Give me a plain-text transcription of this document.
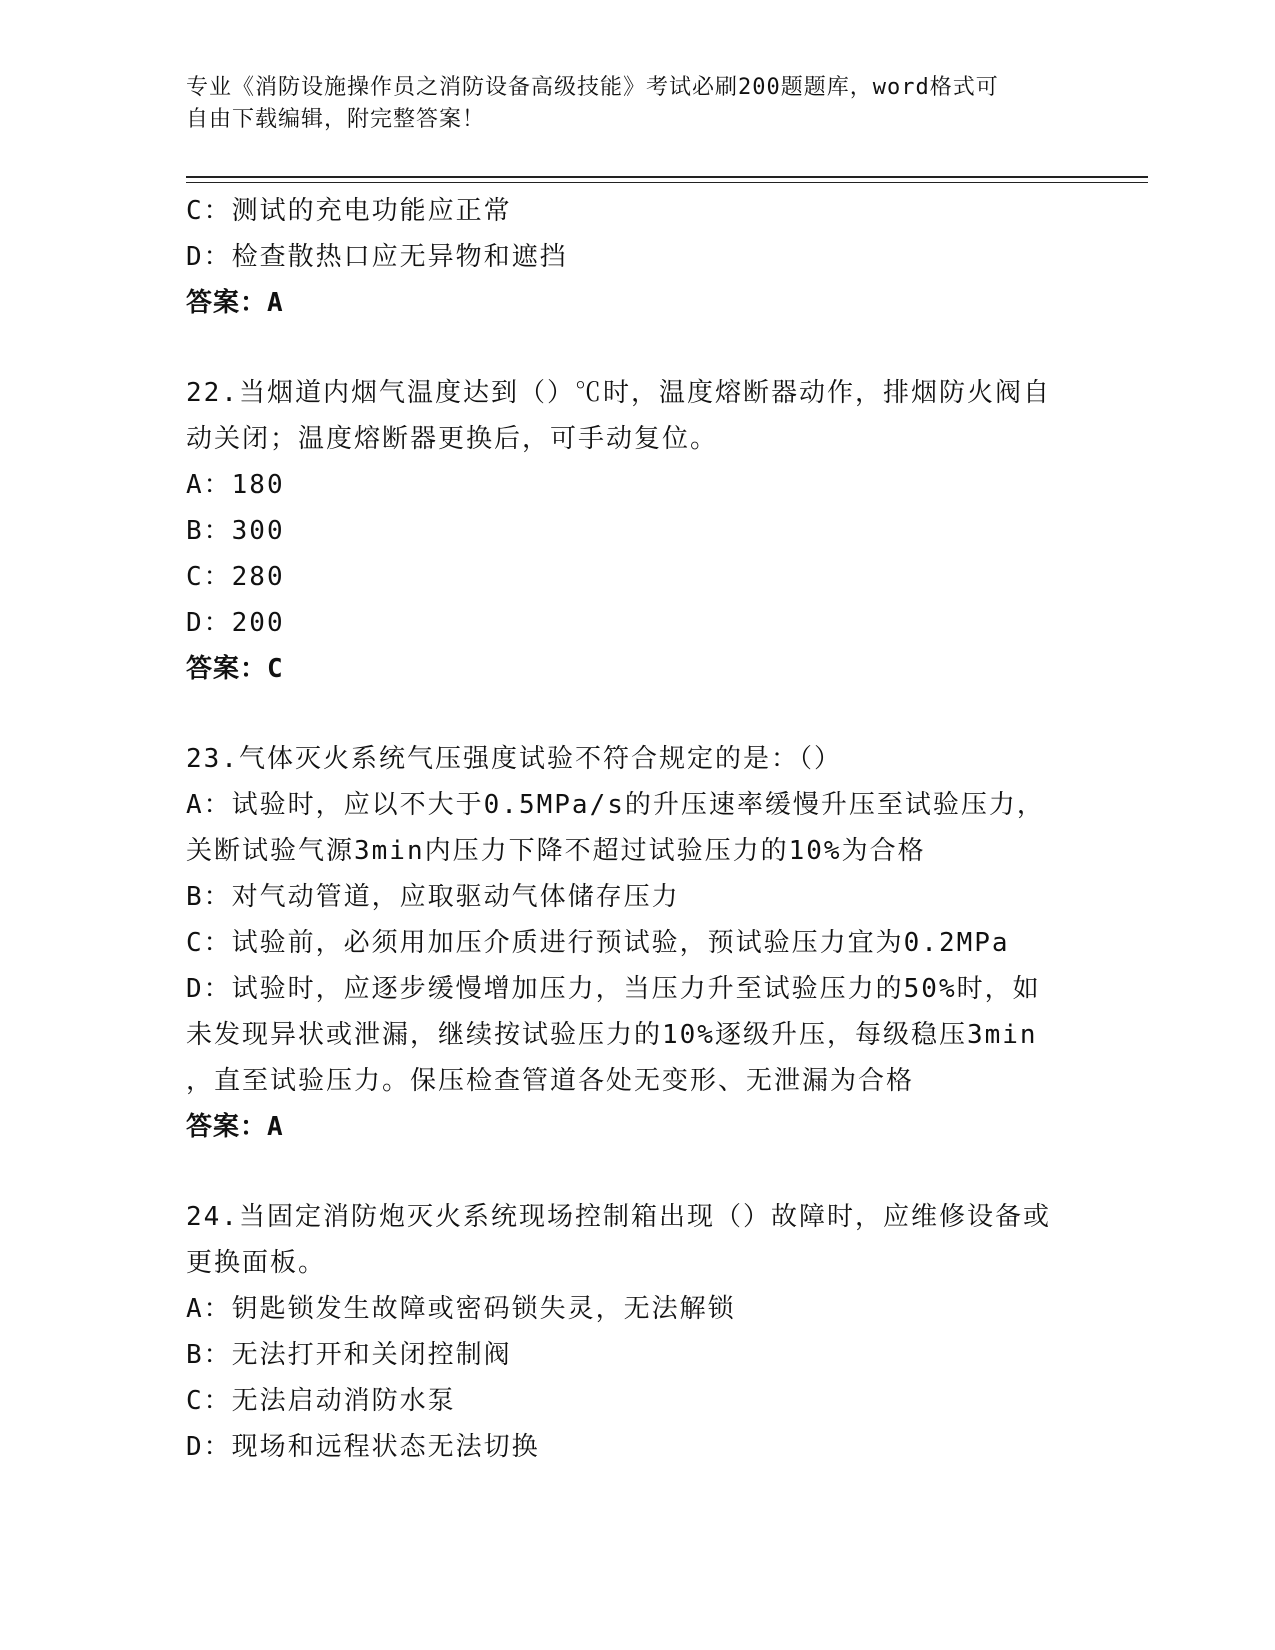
专业《消防设施操作员之消防设备高级技能》考试必刷200题题库，word格式可
自由下载编辑，附完整答案！
C：测试的充电功能应正常
D：检查散热口应无异物和遮挡
答案：A
22.当烟道内烟气温度达到（）℃时，温度熔断器动作，排烟防火阀自
动关闭；温度熔断器更换后，可手动复位。
A：180
B：300
C：280
D：200
答案：C
23.气体灭火系统气压强度试验不符合规定的是：（）
A：试验时，应以不大于0.5MPa/s的升压速率缓慢升压至试验压力，
关断试验气源3min内压力下降不超过试验压力的10%为合格
B：对气动管道，应取驱动气体储存压力
C：试验前，必须用加压介质进行预试验，预试验压力宜为0.2MPa
D：试验时，应逐步缓慢增加压力，当压力升至试验压力的50%时，如
未发现异状或泄漏，继续按试验压力的10%逐级升压，每级稳压3min
，直至试验压力。保压检查管道各处无变形、无泄漏为合格
答案：A
24.当固定消防炮灭火系统现场控制箱出现（）故障时，应维修设备或
更换面板。
A：钥匙锁发生故障或密码锁失灵，无法解锁
B：无法打开和关闭控制阀
C：无法启动消防水泵
D：现场和远程状态无法切换
